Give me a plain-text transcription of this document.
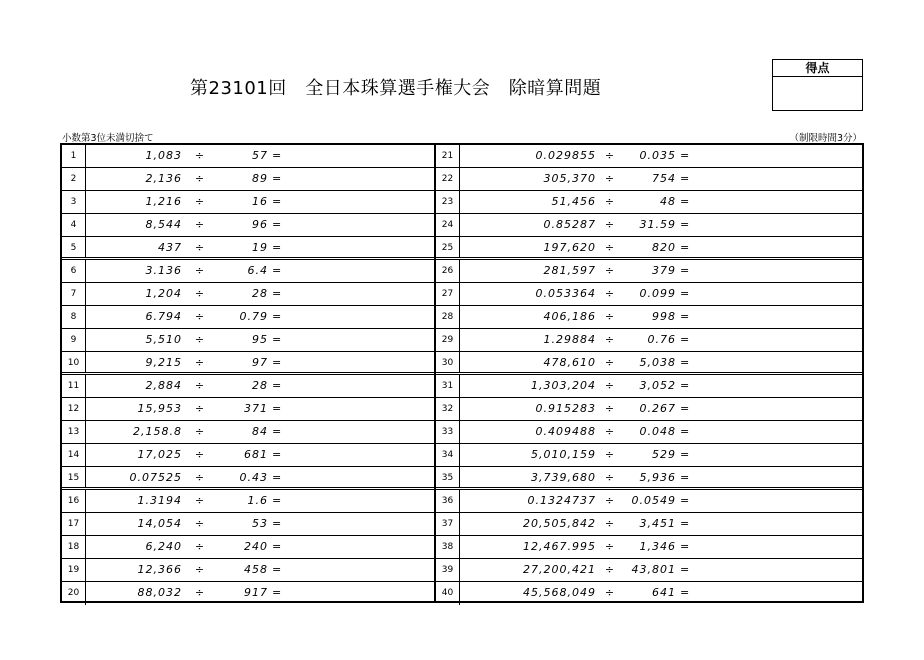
第23101回　全日本珠算選手権大会　除暗算問題
得点
小数第3位未満切捨て	（制限時間3分）
1	1,083	÷	57 =
2	2,136	÷	89 =
3	1,216	÷	16 =
4	8,544	÷	96 =
5	437	÷	19 =
6	3.136	÷	6.4 =
7	1,204	÷	28 =
8	6.794	÷	0.79 =
9	5,510	÷	95 =
10	9,215	÷	97 =
11	2,884	÷	28 =
12	15,953	÷	371 =
13	2,158.8	÷	84 =
14	17,025	÷	681 =
15	0.07525	÷	0.43 =
16	1.3194	÷	1.6 =
17	14,054	÷	53 =
18	6,240	÷	240 =
19	12,366	÷	458 =
20	88,032	÷	917 =
21	0.029855 ÷	0.035 =
22	305,370 ÷	754 =
23	51,456 ÷	48 =
24	0.85287 ÷	31.59 =
25	197,620 ÷	820 =
26	281,597 ÷	379 =
27	0.053364 ÷	0.099 =
28	406,186 ÷	998 =
29	1.29884 ÷	0.76 =
30	478,610 ÷	5,038 =
31	1,303,204 ÷	3,052 =
32	0.915283 ÷	0.267 =
33	0.409488 ÷	0.048 =
34	5,010,159 ÷	529 =
35	3,739,680 ÷	5,936 =
36	0.1324737 ÷	0.0549 =
37	20,505,842 ÷	3,451 =
38	12,467.995 ÷	1,346 =
39	27,200,421 ÷	43,801 =
40	45,568,049 ÷	641 =
